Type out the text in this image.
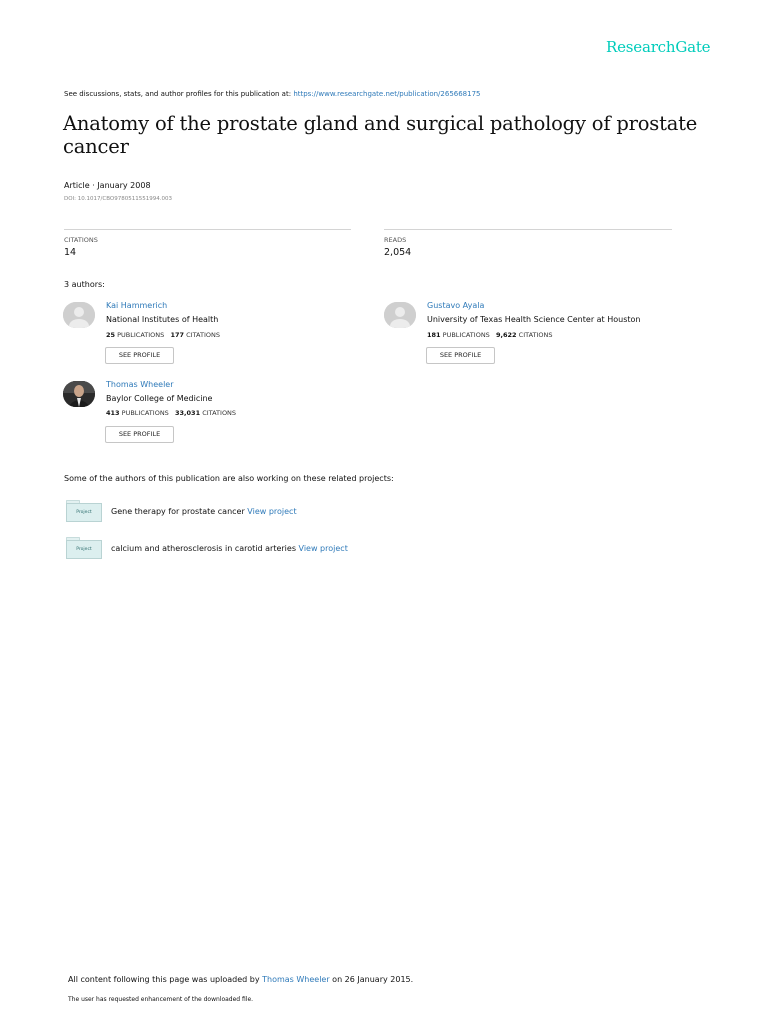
ResearchGate
See discussions, stats, and author profiles for this publication at: https://www.researchgate.net/publication/265668175
Anatomy of the prostate gland and surgical pathology of prostate cancer
Article · January 2008
DOI: 10.1017/CBO9780511551994.003
CITATIONS
14
READS
2,054
3 authors:
Kai Hammerich
National Institutes of Health
25 PUBLICATIONS 177 CITATIONS
SEE PROFILE
Gustavo Ayala
University of Texas Health Science Center at Houston
181 PUBLICATIONS 9,622 CITATIONS
SEE PROFILE
Thomas Wheeler
Baylor College of Medicine
413 PUBLICATIONS 33,031 CITATIONS
SEE PROFILE
Some of the authors of this publication are also working on these related projects:
Project	Gene therapy for prostate cancer View project
Project	calcium and atherosclerosis in carotid arteries View project
All content following this page was uploaded by Thomas Wheeler on 26 January 2015.
The user has requested enhancement of the downloaded file.
